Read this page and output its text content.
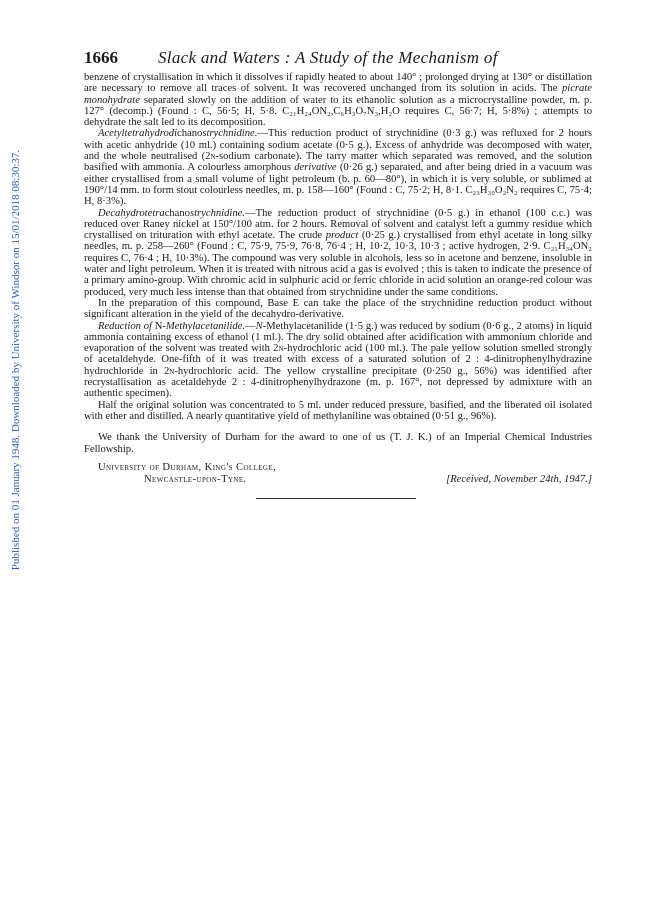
Published on 01 January 1948. Downloaded by University of Windsor on 15/01/2018 08:30:37.
1666 Slack and Waters : A Study of the Mechanism of

benzene of crystallisation in which it dissolves if rapidly heated to about 140° ; prolonged drying at 130° or distillation are necessary to remove all traces of solvent. It was recovered unchanged from its solution in acids. The picrate monohydrate separated slowly on the addition of water to its ethanolic solution as a microcrystalline powder, m. p. 127° (decomp.) (Found : C, 56·5; H, 5·8. C₂₁H₂₄ON₂,C₆H₃O₇N₃,H₂O requires C, 56·7; H, 5·8%) ; attempts to dehydrate the salt led to its decomposition.

Acetyltetrahydrodichanostrychnidine.—This reduction product of strychnidine (0·3 g.) was refluxed for 2 hours with acetic anhydride (10 ml.) containing sodium acetate (0·5 g.). Excess of anhydride was decomposed with water, and the whole neutralised (2n-sodium carbonate). The tarry matter which separated was removed, and the solution basified with ammonia. A colourless amorphous derivative (0·26 g.) separated, and after being dried in a vacuum was either crystallised from a small volume of light petroleum (b. p. 60—80°), in which it is very soluble, or sublimed at 190°/14 mm. to form stout colourless needles, m. p. 158—160° (Found : C, 75·2; H, 8·1. C₂₃H₃₀O₂N₂ requires C, 75·4; H, 8·3%).

Decahydrotetrachanostrychnidine.—The reduction product of strychnidine (0·5 g.) in ethanol (100 c.c.) was reduced over Raney nickel at 150°/100 atm. for 2 hours. Removal of solvent and catalyst left a gummy residue which crystallised on trituration with ethyl acetate. The crude product (0·25 g.) crystallised from ethyl acetate in long silky needles, m. p. 258—260° (Found : C, 75·9, 75·9, 76·8, 76·4 ; H, 10·2, 10·3, 10·3 ; active hydrogen, 2·9. C₂₁H₃₄ON₂ requires C, 76·4 ; H, 10·3%). The compound was very soluble in alcohols, less so in acetone and benzene, insoluble in water and light petroleum. When it is treated with nitrous acid a gas is evolved ; this is taken to indicate the presence of a primary amino-group. With chromic acid in sulphuric acid or ferric chloride in acid solution an orange-red colour was produced, very much less intense than that obtained from strychnidine under the same conditions.

In the preparation of this compound, Base E can take the place of the strychnidine reduction product without significant alteration in the yield of the decahydro-derivative.

Reduction of N-Methylacetanilide.—N-Methylacetanilide (1·5 g.) was reduced by sodium (0·6 g., 2 atoms) in liquid ammonia containing excess of ethanol (1 ml.). The dry solid obtained after acidification with ammonium chloride and evaporation of the solvent was treated with 2n-hydrochloric acid (100 ml.). The pale yellow solution smelled strongly of acetaldehyde. One-fifth of it was treated with excess of a saturated solution of 2 : 4-dinitrophenylhydrazine hydrochloride in 2n-hydrochloric acid. The yellow crystalline precipitate (0·250 g., 56%) was identified after recrystallisation as acetaldehyde 2 : 4-dinitrophenylhydrazone (m. p. 167°, not depressed by admixture with an authentic specimen).

Half the original solution was concentrated to 5 ml. under reduced pressure, basified, and the liberated oil isolated with ether and distilled. A nearly quantitative yield of methylaniline was obtained (0·51 g., 96%).

We thank the University of Durham for the award to one of us (T. J. K.) of an Imperial Chemical Industries Fellowship.

University of Durham, King's College,
Newcastle-upon-Tyne.	[Received, November 24th, 1947.]
